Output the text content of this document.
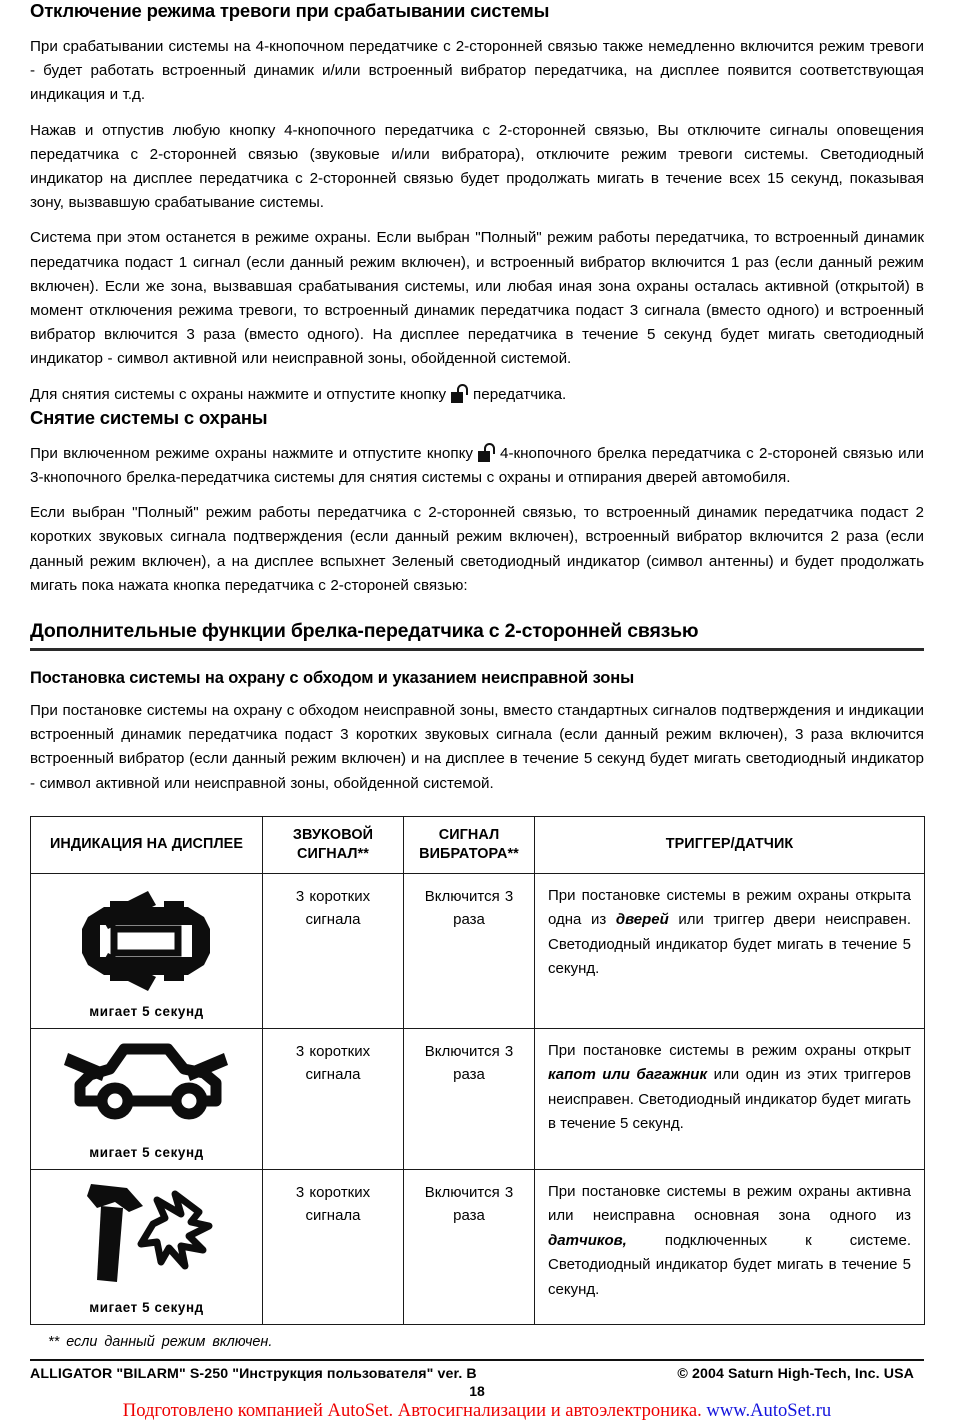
Отключение режима тревоги при срабатывании системы

При срабатывании системы на 4-кнопочном передатчике с 2-сторонней связью также немедленно включится режим тревоги - будет работать встроенный динамик и/или встроенный вибратор передатчика, на дисплее появится соответствующая индикация и т.д.

Нажав и отпустив любую кнопку 4-кнопочного передатчика с 2-сторонней связью, Вы отключите сигналы оповещения передатчика с 2-сторонней связью (звуковые и/или вибратора), отключите режим тревоги системы. Светодиодный индикатор на дисплее передатчика с 2-сторонней связью будет продолжать мигать в течение всех 15 секунд, показывая зону, вызвавшую срабатывание системы.

Система при этом останется в режиме охраны. Если выбран "Полный" режим работы передатчика, то встроенный динамик передатчика подаст 1 сигнал (если данный режим включен), и встроенный вибратор включится 1 раз (если данный режим включен). Если же зона, вызвавшая срабатывания системы, или любая иная зона охраны осталась активной (открытой) в момент отключения режима тревоги, то встроенный динамик передатчика подаст 3 сигнала (вместо одного) и встроенный вибратор включится 3 раза (вместо одного). На дисплее передатчика в течение 5 секунд будет мигать светодиодный индикатор - символ активной или неисправной зоны, обойденной системой.

Для снятия системы с охраны нажмите и отпустите кнопку передатчика.

Снятие системы с охраны

При включенном режиме охраны нажмите и отпустите кнопку 4-кнопочного брелка передатчика с 2-стороней связью или 3-кнопочного брелка-передатчика системы для снятия системы с охраны и отпирания дверей автомобиля.

Если выбран "Полный" режим работы передатчика с 2-сторонней связью, то встроенный динамик передатчика подаст 2 коротких звуковых сигнала подтверждения (если данный режим включен), встроенный вибратор включится 2 раза (если данный режим включен), а на дисплее вспыхнет Зеленый светодиодный индикатор (символ антенны) и будет продолжать мигать пока нажата кнопка передатчика с 2-стороней связью:

Дополнительные функции брелка-передатчика с 2-сторонней связью
Постановка системы на охрану с обходом и указанием неисправной зоны

При постановке системы на охрану с обходом неисправной зоны, вместо стандартных сигналов подтверждения и индикации встроенный динамик передатчика подаст 3 коротких звуковых сигнала (если данный режим включен), 3 раза включится встроенный вибратор (если данный режим включен) и на дисплее в течение 5 секунд будет мигать светодиодный индикатор - символ активной или неисправной зоны, обойденной системой.

ИНДИКАЦИЯ НА ДИСПЛЕЕ	ЗВУКОВОЙ СИГНАЛ**	СИГНАЛ ВИБРАТОРА**	ТРИГГЕР/ДАТЧИК

мигает 5 секунд	3 коротких сигнала	Включится 3 раза	При постановке системы в режим охраны открыта одна из дверей или триггер двери неисправен. Светодиодный индикатор будет мигать в течение 5 секунд.

мигает 5 секунд	3 коротких сигнала	Включится 3 раза	При постановке системы в режим охраны открыт капот или багажник или один из этих триггеров неисправен. Светодиодный индикатор будет мигать в течение 5 секунд.

мигает 5 секунд	3 коротких сигнала	Включится 3 раза	При постановке системы в режим охраны активна или неисправна основная зона одного из датчиков, подключенных к системе. Светодиодный индикатор будет мигать в течение 5 секунд.
** если данный режим включен.
ALLIGATOR "BILARM" S-250 "Инструкция пользователя" ver. B	© 2004 Saturn High-Tech, Inc. USA
18
Подготовлено компанией AutoSet. Автосигнализации и автоэлектроника. www.AutoSet.ru
